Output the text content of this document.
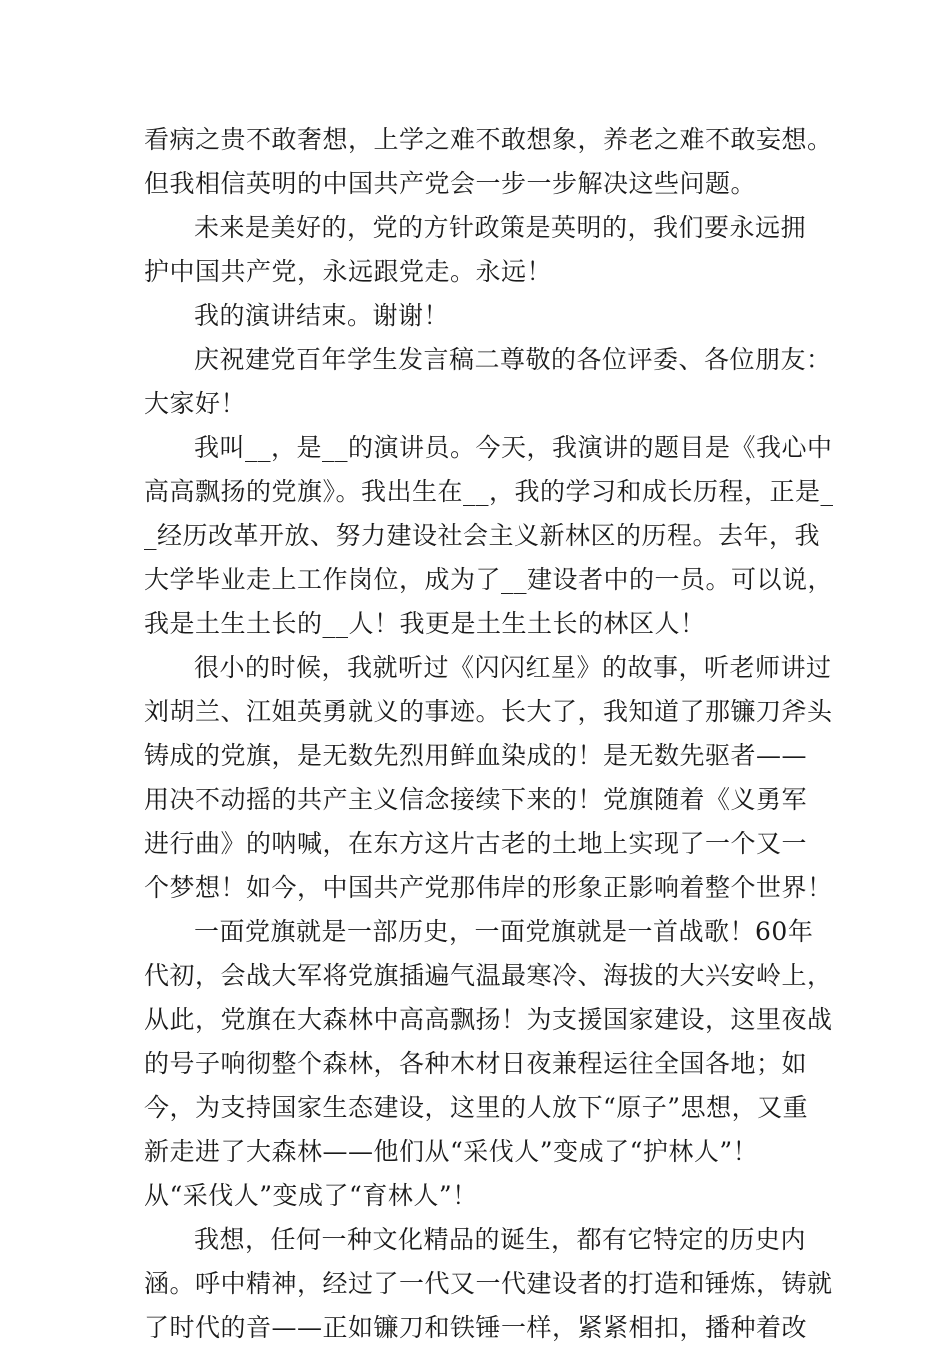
看病之贵不敢奢想，上学之难不敢想象，养老之难不敢妄想。
但我相信英明的中国共产党会一步一步解决这些问题。
未来是美好的，党的方针政策是英明的，我们要永远拥
护中国共产党，永远跟党走。永远！
我的演讲结束。谢谢！
庆祝建党百年学生发言稿二尊敬的各位评委、各位朋友：
大家好！
我叫__，是__的演讲员。今天，我演讲的题目是《我心中
高高飘扬的党旗》。我出生在__，我的学习和成长历程，正是_
_经历改革开放、努力建设社会主义新林区的历程。去年，我
大学毕业走上工作岗位，成为了__建设者中的一员。可以说，
我是土生土长的__人！我更是土生土长的林区人！
很小的时候，我就听过《闪闪红星》的故事，听老师讲过
刘胡兰、江姐英勇就义的事迹。长大了，我知道了那镰刀斧头
铸成的党旗，是无数先烈用鲜血染成的！是无数先驱者——
用决不动摇的共产主义信念接续下来的！党旗随着《义勇军
进行曲》的呐喊，在东方这片古老的土地上实现了一个又一
个梦想！如今，中国共产党那伟岸的形象正影响着整个世界！
一面党旗就是一部历史，一面党旗就是一首战歌！60年
代初，会战大军将党旗插遍气温最寒冷、海拔的大兴安岭上，
从此，党旗在大森林中高高飘扬！为支援国家建设，这里夜战
的号子响彻整个森林，各种木材日夜兼程运往全国各地；如
今，为支持国家生态建设，这里的人放下“原子”思想，又重
新走进了大森林——他们从“采伐人”变成了“护林人”！
从“采伐人”变成了“育林人”！
我想，任何一种文化精品的诞生，都有它特定的历史内
涵。呼中精神，经过了一代又一代建设者的打造和锤炼，铸就
了时代的音——正如镰刀和铁锤一样，紧紧相扣，播种着改
